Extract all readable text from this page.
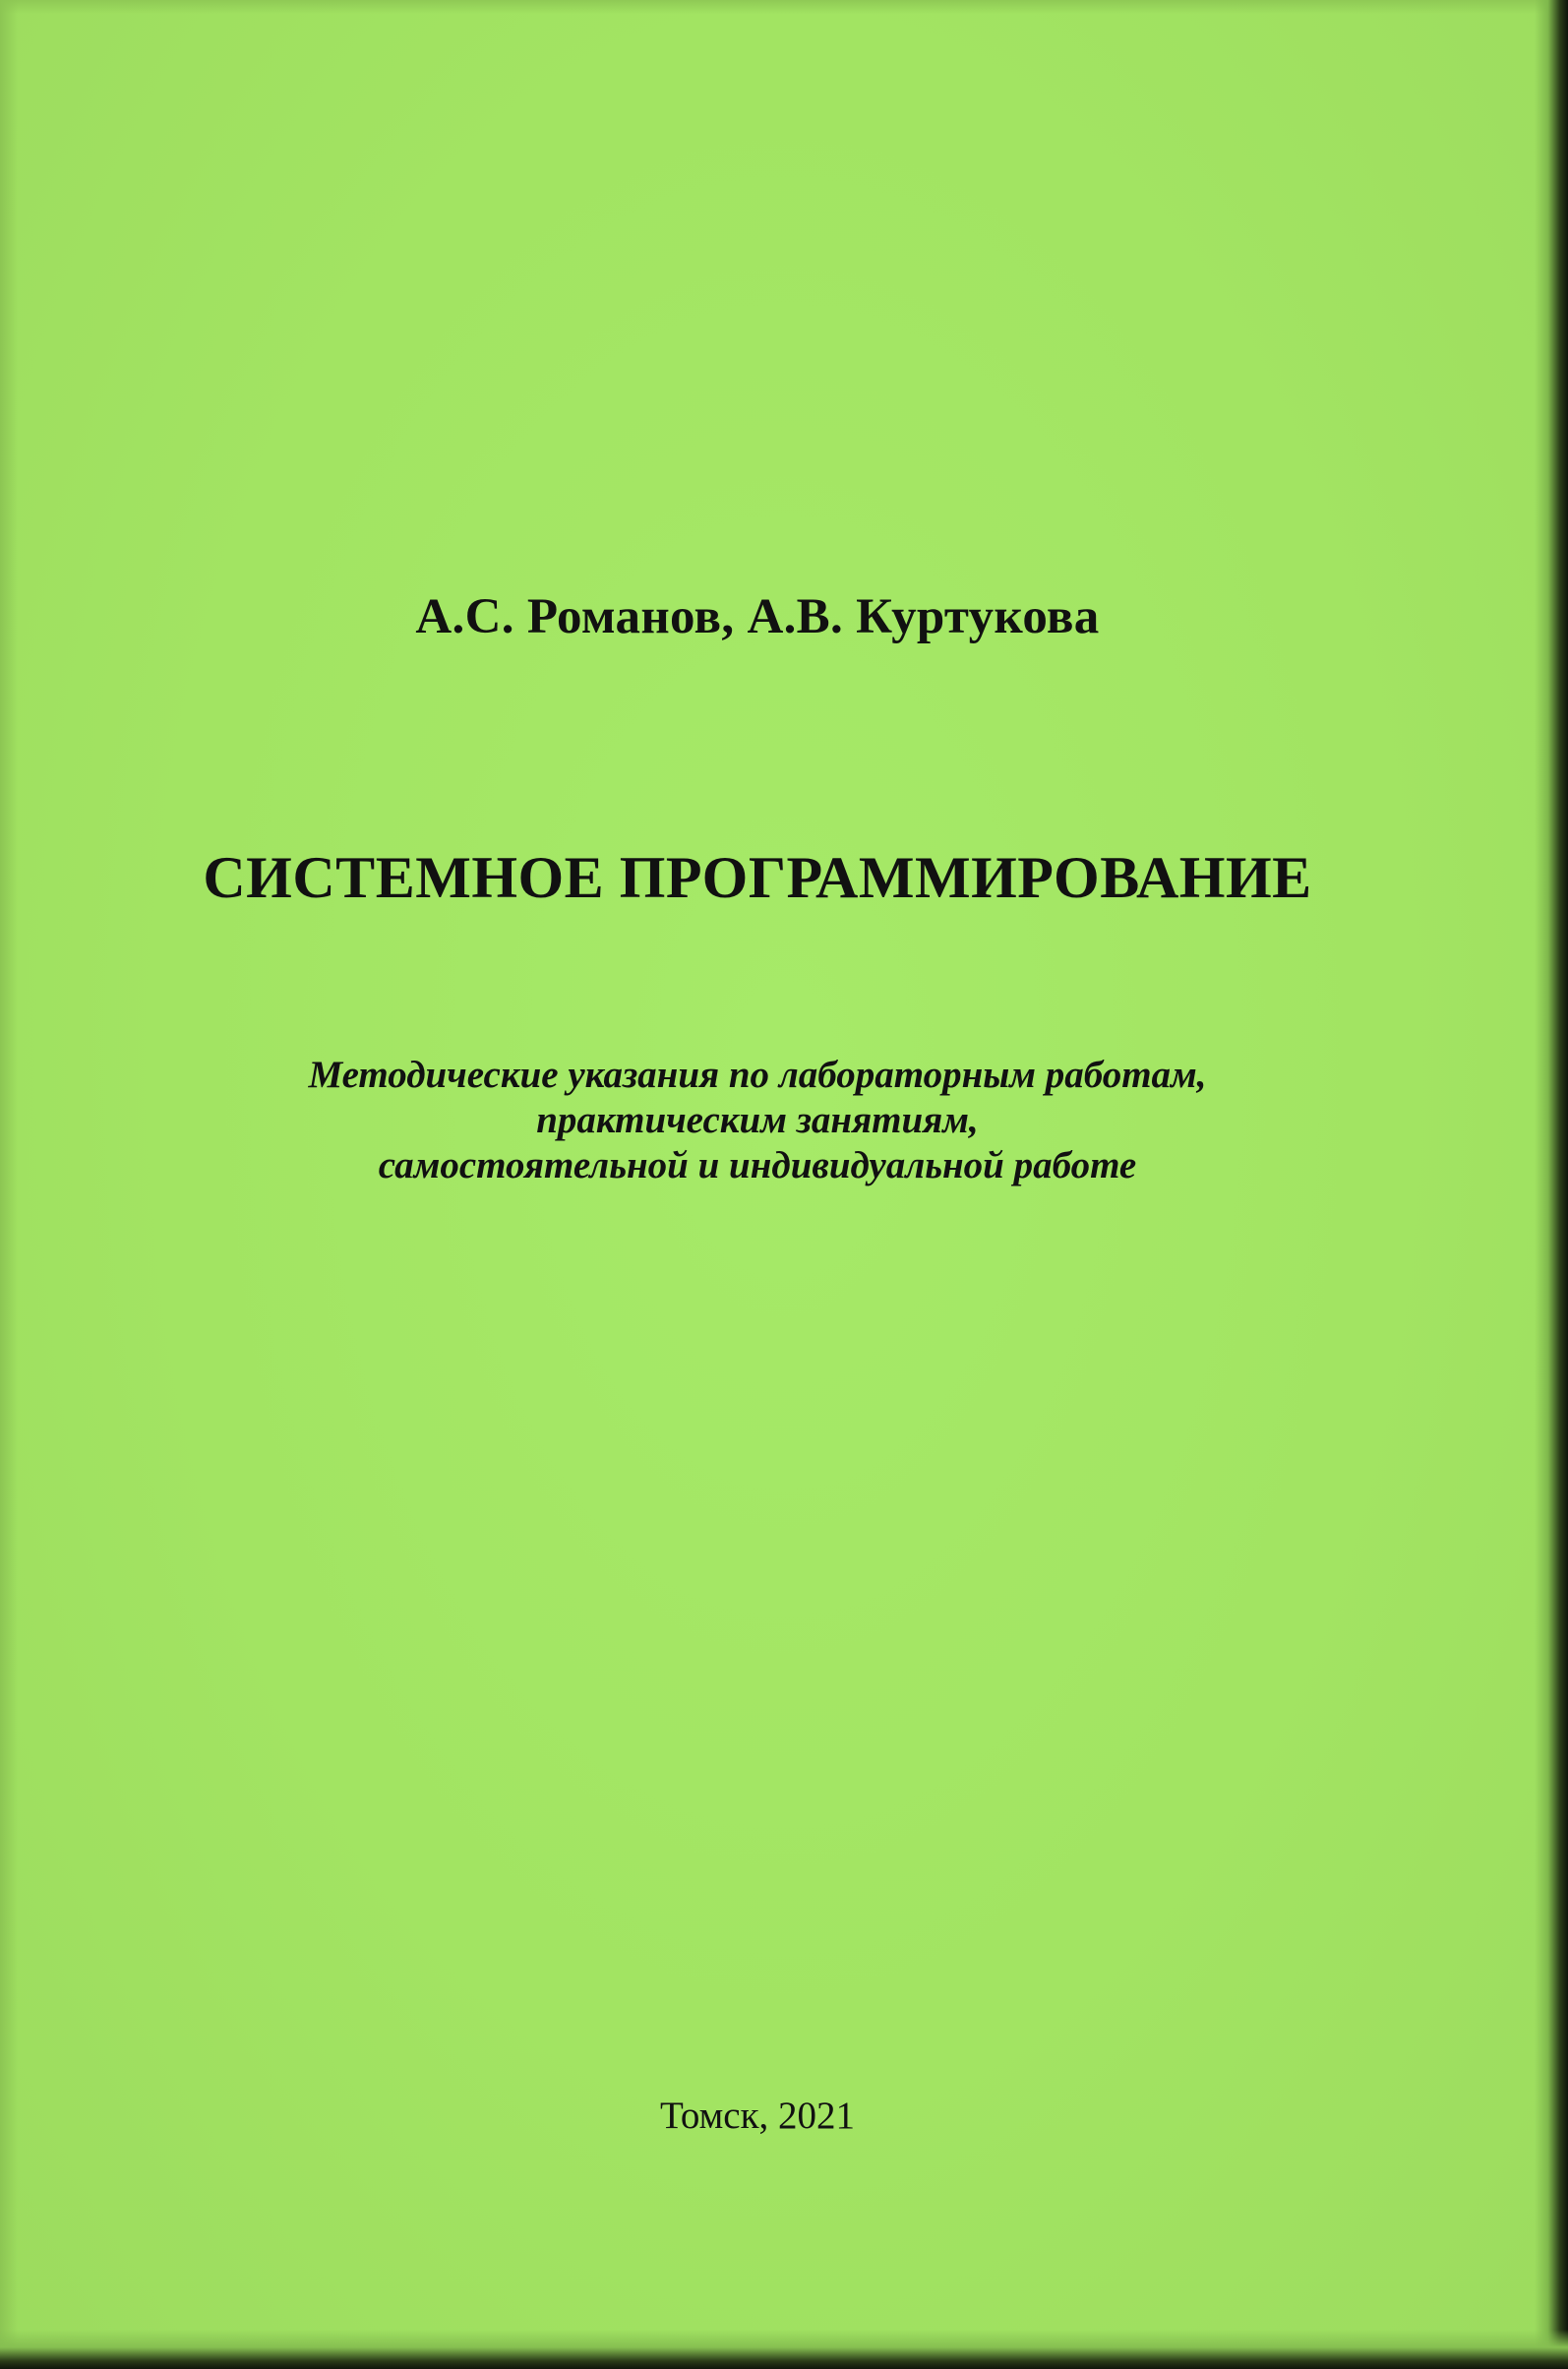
А.С. Романов, А.В. Куртукова
СИСТЕМНОЕ ПРОГРАММИРОВАНИЕ
Методические указания по лабораторным работам,
практическим занятиям,
самостоятельной и индивидуальной работе
Томск, 2021
